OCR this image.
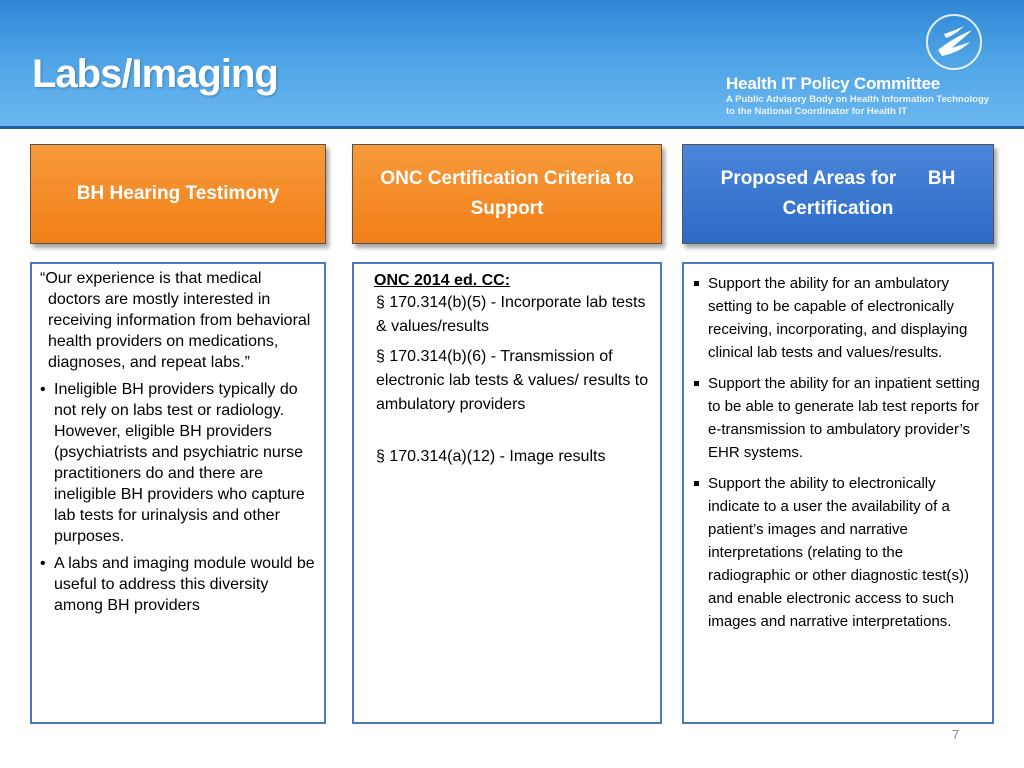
Health IT Policy Committee
A Public Advisory Body on Health Information Technology
to the National Coordinator for Health IT
Labs/Imaging
BH Hearing Testimony
ONC Certification Criteria to Support
Proposed Areas for      BH Certification

“Our experience is that medical doctors are mostly interested in receiving information from behavioral health providers on medications, diagnoses, and repeat labs.”

• Ineligible BH providers typically do not rely on labs test or radiology. However, eligible BH providers (psychiatrists and psychiatric nurse practitioners do and there are ineligible BH providers who capture lab tests for urinalysis and other purposes.
• A labs and imaging module would be useful to address this diversity among BH providers
ONC 2014 ed. CC:
§ 170.314(b)(5) - Incorporate lab tests & values/results
§ 170.314(b)(6) - Transmission of electronic lab tests & values/ results to ambulatory providers
§ 170.314(a)(12) - Image results
Support the ability for an ambulatory setting to be capable of electronically receiving, incorporating, and displaying clinical lab tests and values/results.
Support the ability for an inpatient setting to be able to generate lab test reports for e-transmission to ambulatory provider’s EHR systems.
Support the ability to electronically indicate to a user the availability of a patient’s images and narrative interpretations (relating to the radiographic or other diagnostic test(s)) and enable electronic access to such images and narrative interpretations.
7
